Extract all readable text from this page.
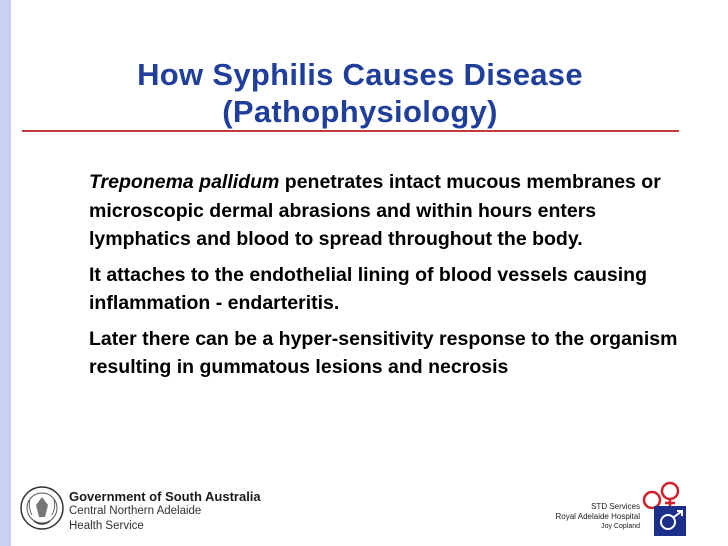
How Syphilis Causes Disease
(Pathophysiology)

Treponema pallidum penetrates intact mucous membranes or microscopic dermal abrasions and within hours enters lymphatics and blood to spread throughout the body.

It attaches to the endothelial lining of blood vessels causing inflammation - endarteritis.

Later there can be a hyper-sensitivity response to the organism resulting in gummatous lesions and necrosis

Government of South Australia
Central Northern Adelaide
Health Service
STD Services
Royal Adelaide Hospital
Joy Copland
